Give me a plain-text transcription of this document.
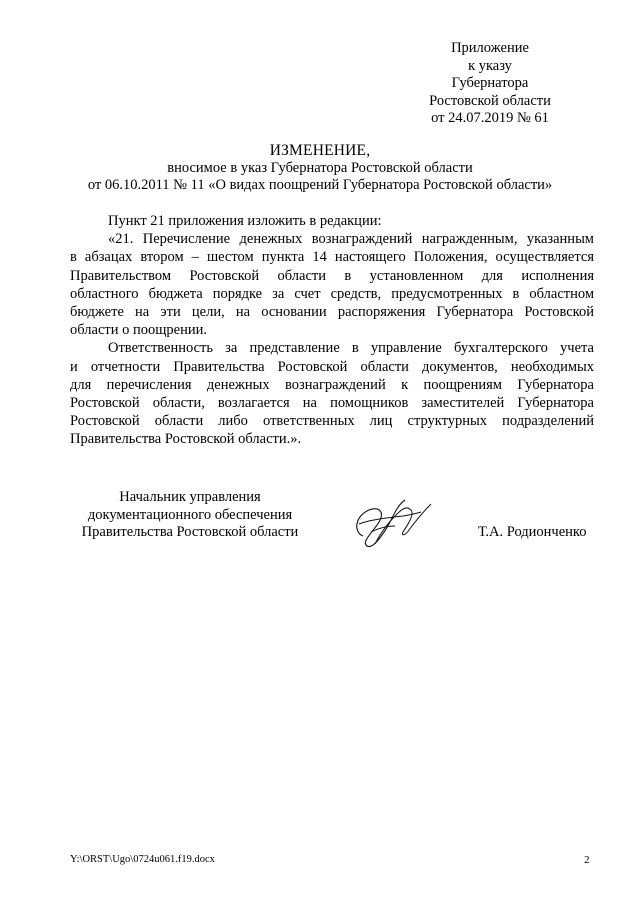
Приложение
к указу
Губернатора
Ростовской области
от 24.07.2019 № 61
ИЗМЕНЕНИЕ,
вносимое в указ Губернатора Ростовской области
от 06.10.2011 № 11 «О видах поощрений Губернатора Ростовской области»
Пункт 21 приложения изложить в редакции:
«21. Перечисление денежных вознаграждений награжденным, указанным
в абзацах втором – шестом пункта 14 настоящего Положения, осуществляется
Правительством Ростовской области в установленном для исполнения
областного бюджета порядке за счет средств, предусмотренных в областном
бюджете на эти цели, на основании распоряжения Губернатора Ростовской
области о поощрении.
Ответственность за представление в управление бухгалтерского учета
и отчетности Правительства Ростовской области документов, необходимых
для перечисления денежных вознаграждений к поощрениям Губернатора
Ростовской области, возлагается на помощников заместителей Губернатора
Ростовской области либо ответственных лиц структурных подразделений
Правительства Ростовской области.».
Начальник управления
документационного обеспечения
Правительства Ростовской области	Т.А. Родионченко
Y:\ORST\Ugo\0724u061.f19.docx	2
